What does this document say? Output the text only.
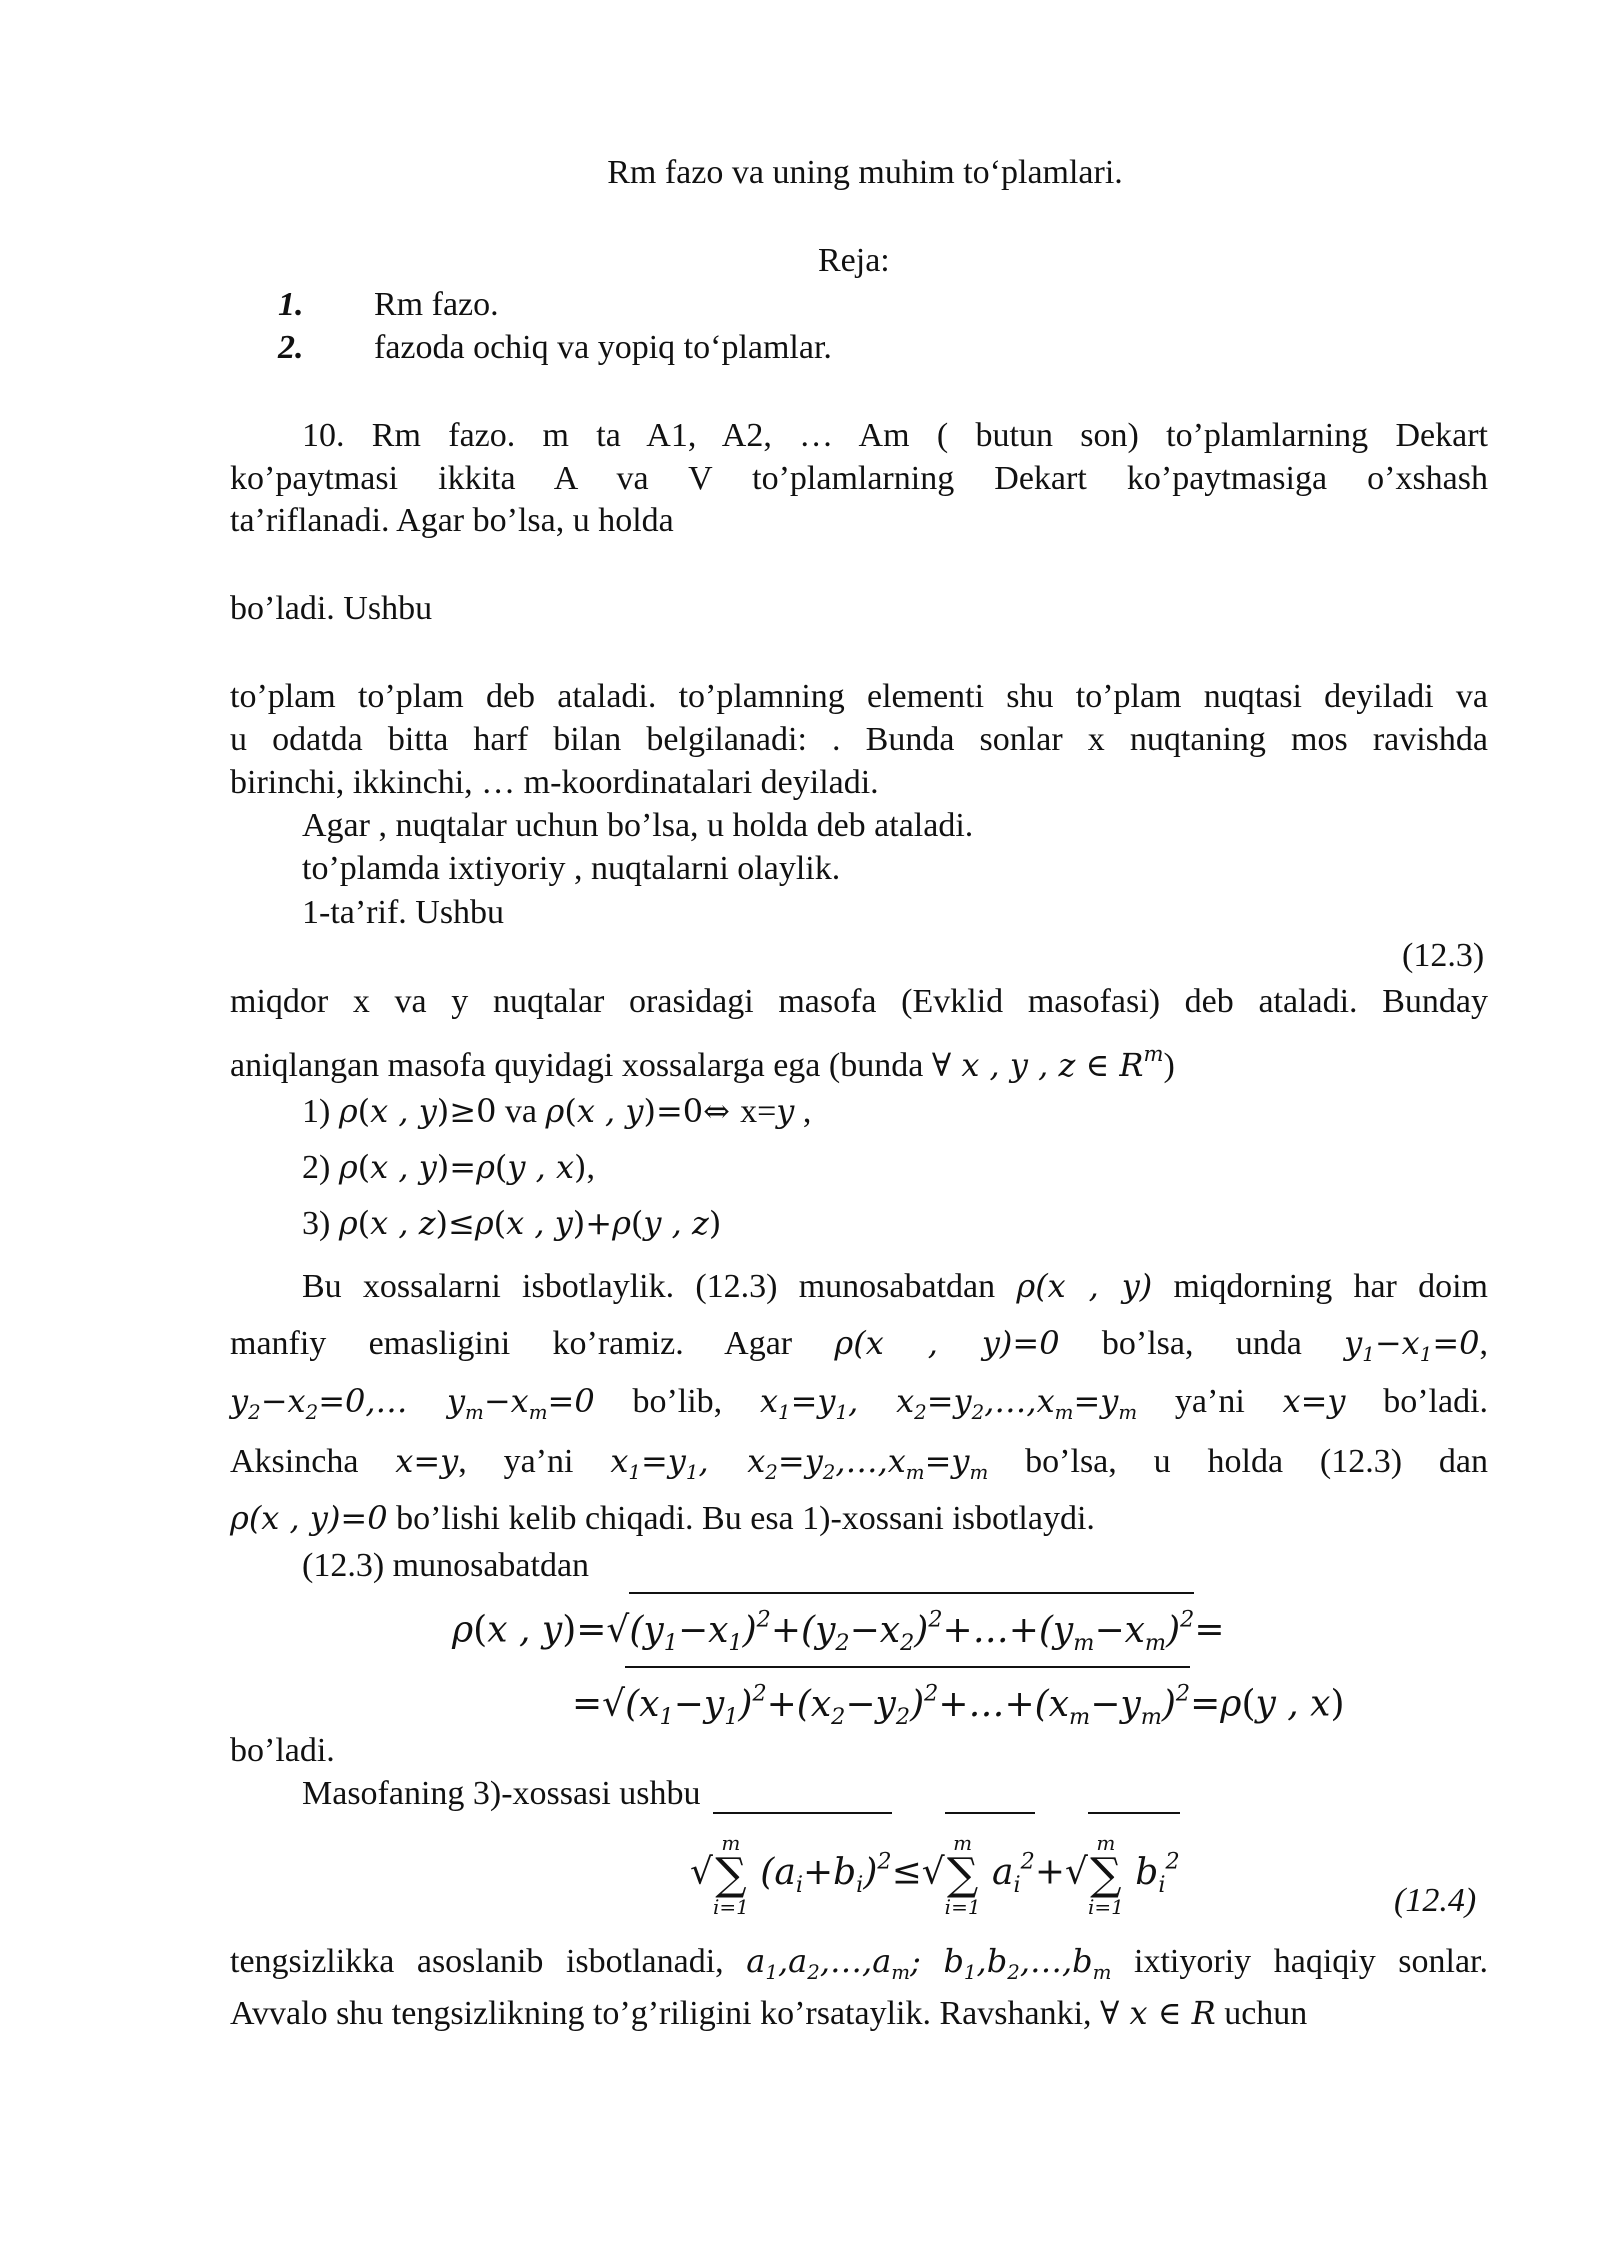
Rm fazo va uning muhim to‘plamlari.
Reja:
1. Rm fazo.
2. fazoda ochiq va yopiq to‘plamlar.
10. Rm fazo. m ta A1, A2, … Am ( butun son) to’plamlarning Dekart
ko’paytmasi ikkita A va V to’plamlarning Dekart ko’paytmasiga o’xshash
ta’riflanadi. Agar bo’lsa, u holda
bo’ladi. Ushbu
to’plam to’plam deb ataladi. to’plamning elementi shu to’plam nuqtasi deyiladi va
u odatda bitta harf bilan belgilanadi: . Bunda sonlar x nuqtaning mos ravishda
birinchi, ikkinchi, … m-koordinatalari deyiladi.
Agar , nuqtalar uchun bo’lsa, u holda deb ataladi.
to’plamda ixtiyoriy , nuqtalarni olaylik.
1-ta’rif. Ushbu
(12.3)
miqdor x va y nuqtalar orasidagi masofa (Evklid masofasi) deb ataladi. Bunday
aniqlangan masofa quyidagi xossalarga ega (bunda ∀ x , y , z ∈ $R^m$)
1) ρ(x , y)≥0 va ρ(x , y)=0⇔ x=y ,
2) ρ(x , y)=ρ(y , x),
3) ρ(x , z)≤ρ(x , y)+ρ(y , z)
Bu xossalarni isbotlaylik. (12.3) munosabatdan ρ(x , y) miqdorning har doim
manfiy emasligini ko’ramiz. Agar ρ(x , y)=0 bo’lsa, unda $y_1-x_1=0$,
$y_2-x_2=0,\dots$ $y_m-x_m=0$ bo’lib, $x_1=y_1$, $x_2=y_2,\dots,x_m=y_m$ ya’ni x=y bo’ladi.
Aksincha x=y, ya’ni $x_1=y_1$, $x_2=y_2,\dots,x_m=y_m$ bo’lsa, u holda (12.3) dan
ρ(x , y)=0 bo’lishi kelib chiqadi. Bu esa 1)-xossani isbotlaydi.
(12.3) munosabatdan
ρ(x , $y)=√(y_1-x_1)^2+(y_2-x_2)^2+\dots+(y_m-x_m)^2=$
$=√(x_1-y_1)^2+(x_2-y_2)^2+\dots+(x_m-y_m)^2=\rho(y$ , x)
bo’ladi.
Masofaning 3)-xossasi ushbu
√
m
∑
i=1
$(a_i+b_i)^2\le√$
m
∑
i=1
$a_i^2+√$
m
∑
i=1
$b_i^2$
(12.4)
tengsizlikka asoslanib isbotlanadi, $a_1,a_2,\dots,a_m$; $b_1,b_2,\dots,b_m$ ixtiyoriy haqiqiy sonlar.
Avvalo shu tengsizlikning to’g’riligini ko’rsataylik. Ravshanki, ∀ x ∈ R uchun
